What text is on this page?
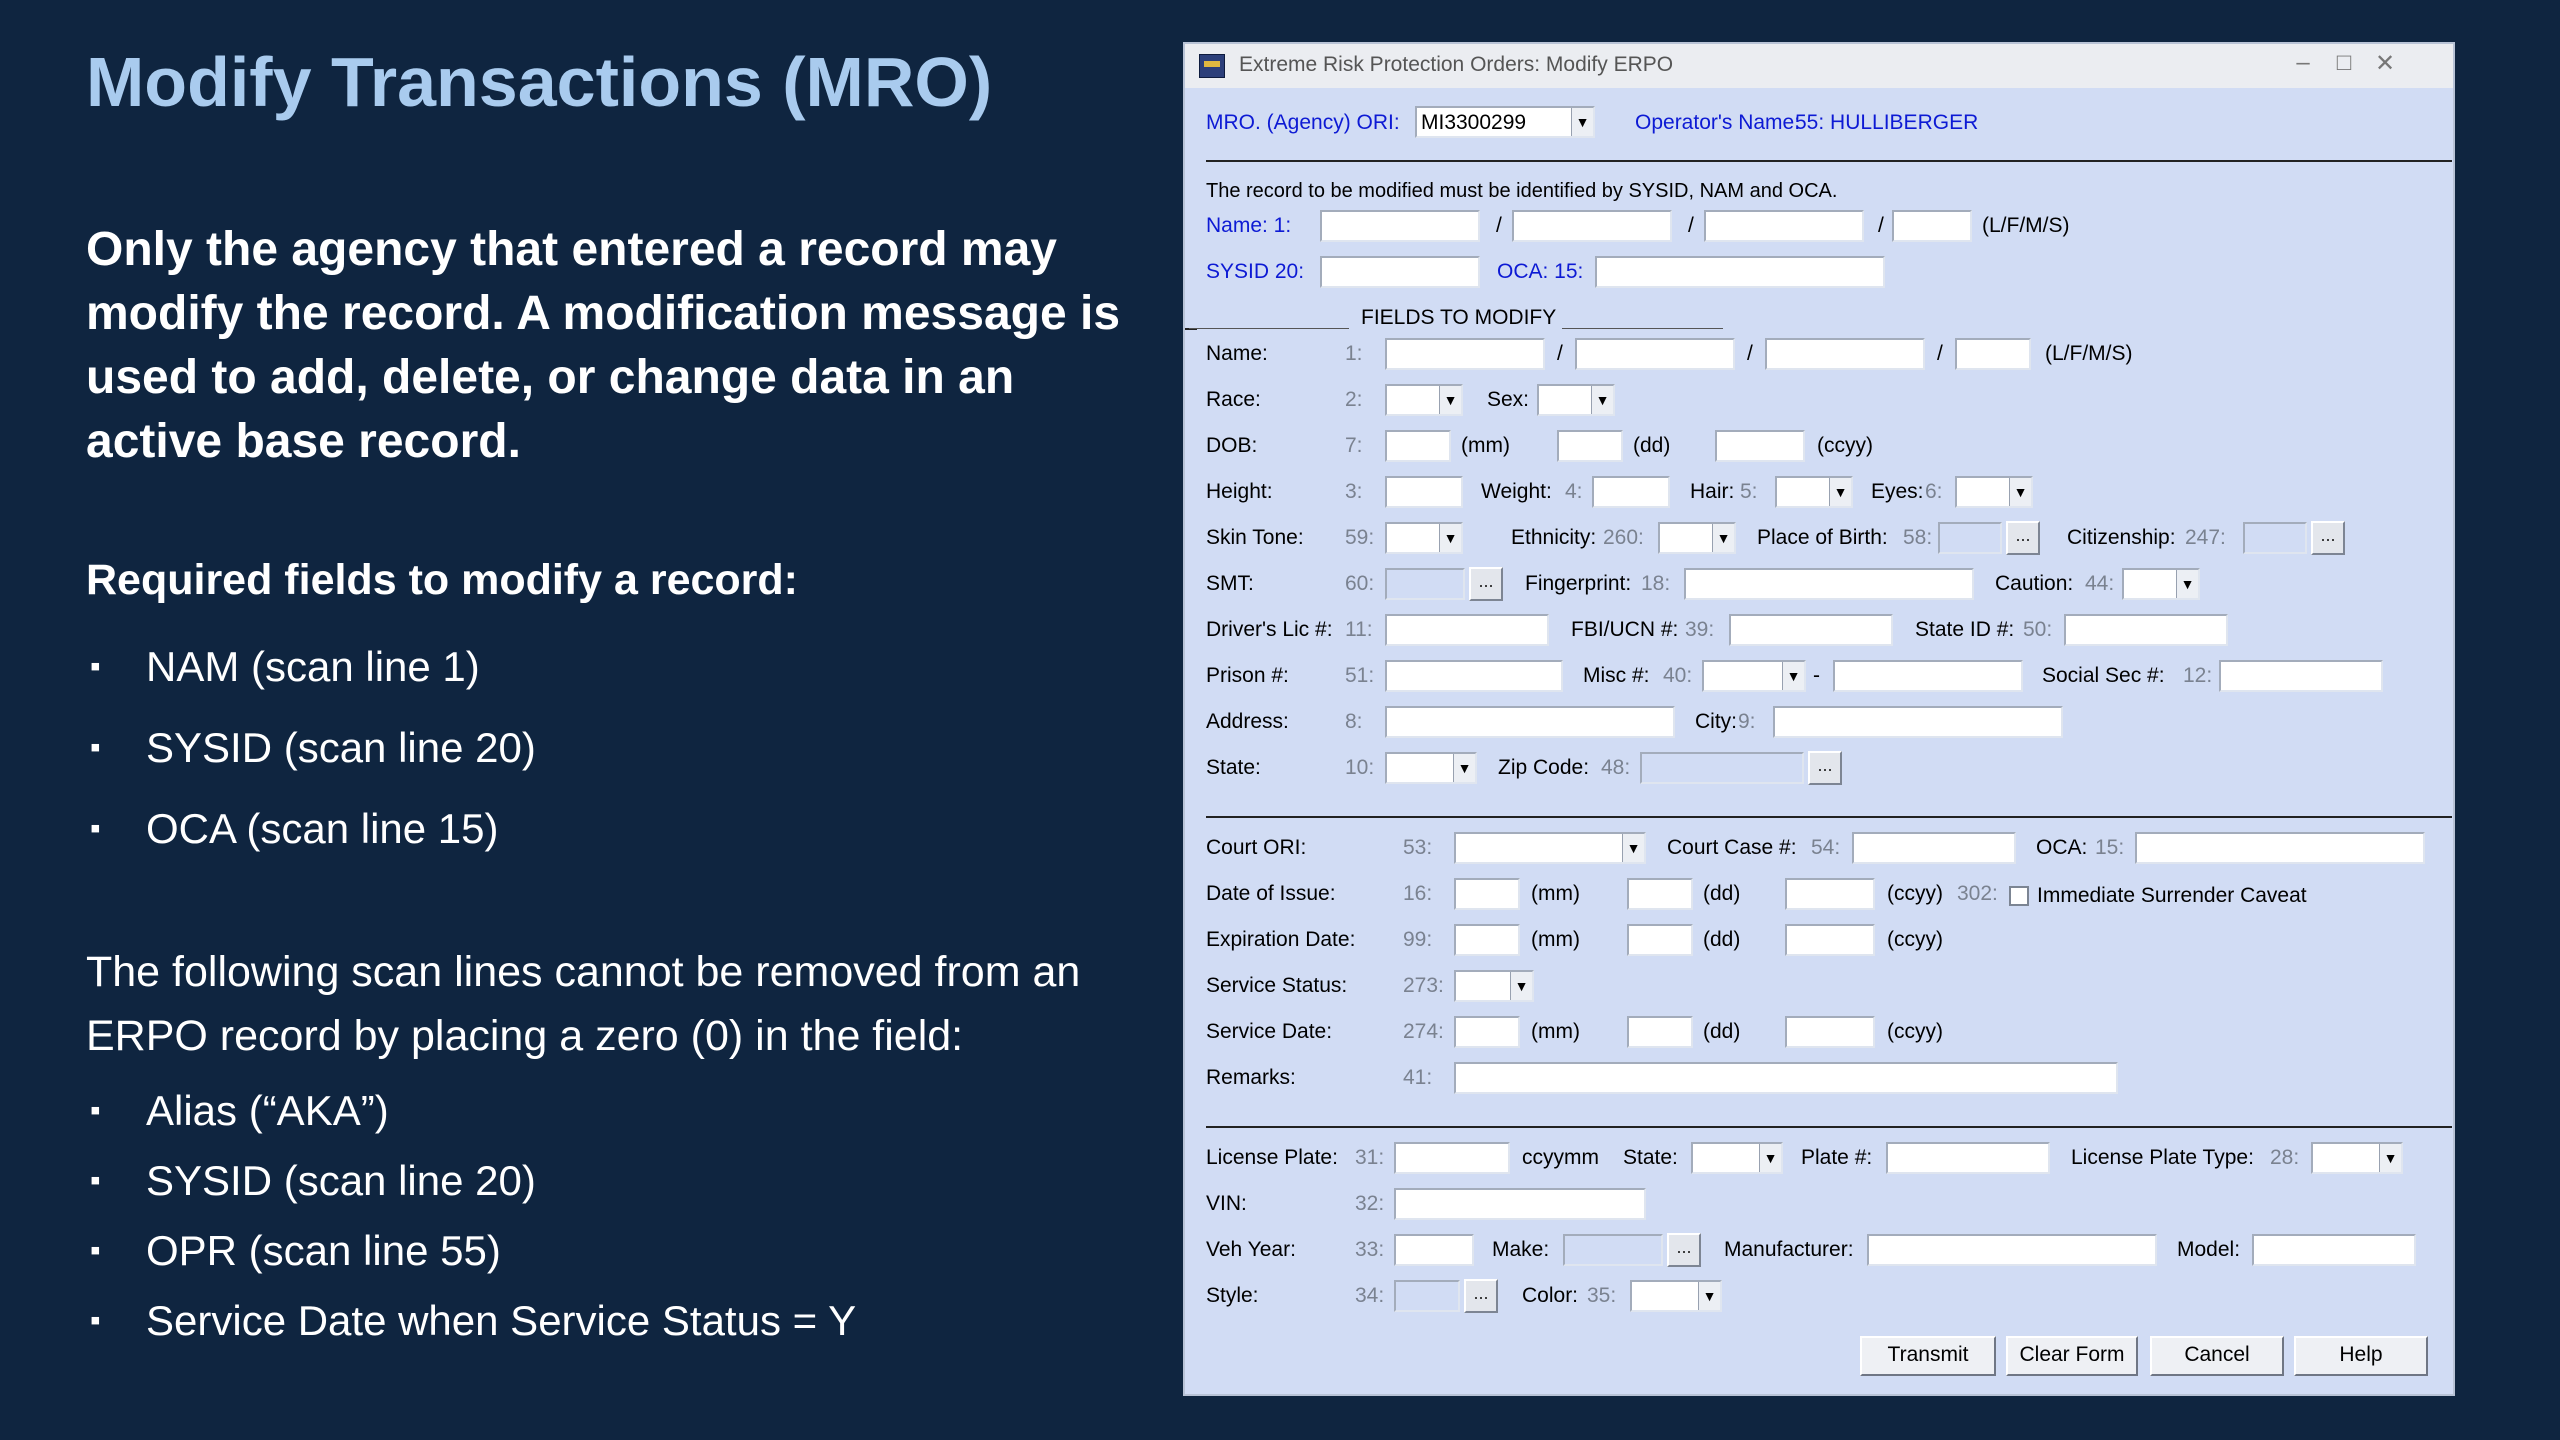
Modify Transactions (MRO)
Only the agency that entered a record may modify the record. A modification message is used to add, delete, or change data in an active base record.
Required fields to modify a record:
▪ NAM (scan line 1)
▪ SYSID (scan line 20)
▪ OCA (scan line 15)
The following scan lines cannot be removed from an ERPO record by placing a zero (0) in the field:
▪ Alias (“AKA”)
▪ SYSID (scan line 20)
▪ OPR (scan line 55)
▪ Service Date when Service Status = Y
Extreme Risk Protection Orders: Modify ERPO	–	□ ✕
MRO. (Agency) ORI: MI3300299	▼ Operator's Name:
55: HULLIBERGER
The record to be modified must be identified by SYSID, NAM and OCA.
Name: 1:	/	/	/	(L/F/M/S)
SYSID 20:	OCA: 15:
FIELDS TO MODIFY
Name:	1:	/	/	/	(L/F/M/S)
Race:	2:	▼ Sex:	▼
DOB:	7:	(mm)	(dd)	(ccyy)
Height:	3:	Weight: 4:	Hair: 5:	▼ Eyes: 6:	▼
Skin Tone: 59:	▼	Ethnicity: 260:	▼ Place of Birth: 58:	...	Citizenship: 247:	...
SMT:	60:	...	Fingerprint: 18:	Caution: 44:	▼
Driver's Lic #: 11:	FBI/UCN #: 39:	State ID #: 50:
Prison #:	51:	Misc #: 40:	▼ -	Social Sec #: 12:
Address:	8:	City: 9:
State:	10:	▼ Zip Code: 48:	...
Court ORI:	53:	▼ Court Case #: 54:	OCA: 15:
Date of Issue:	16:	(mm)	(dd)	(ccyy) 302: Immediate Surrender Caveat
Expiration Date: 99:	(mm)	(dd)	(ccyy)
Service Status:	273:	▼
Service Date:	274:	(mm)	(dd)	(ccyy)
Remarks:	41:
License Plate: 31:	ccyymm State:	▼ Plate #:	License Plate Type: 28:	▼
VIN:	32:
Veh Year:	33:	Make:	...	Manufacturer:	Model:
Style:	34:	...	Color: 35:	▼
Transmit	Clear Form	Cancel	Help
